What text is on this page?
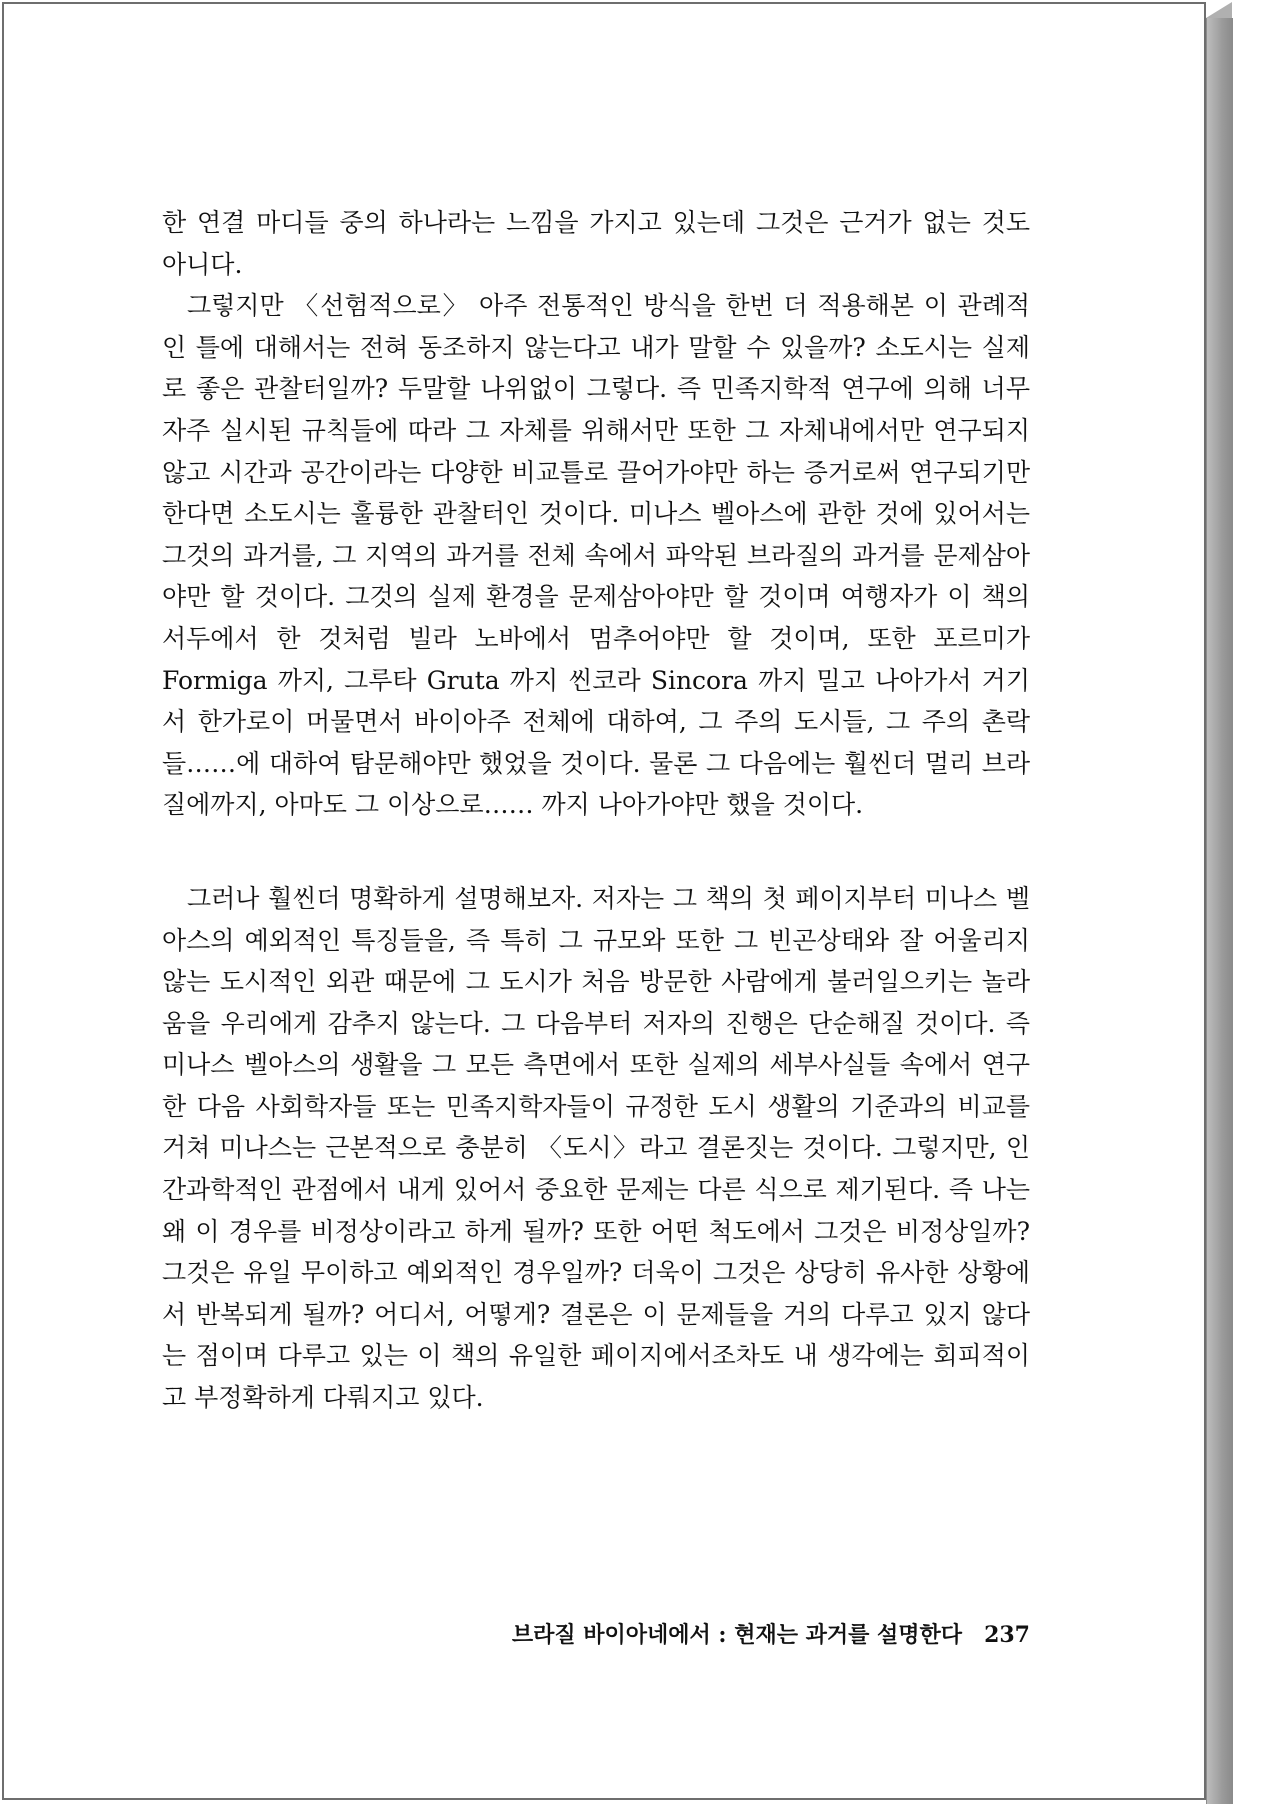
한 연결 마디들 중의 하나라는 느낌을 가지고 있는데 그것은 근거가 없는 것도 아니다.

그렇지만 〈선험적으로〉 아주 전통적인 방식을 한번 더 적용해본 이 관례적인 틀에 대해서는 전혀 동조하지 않는다고 내가 말할 수 있을까? 소도시는 실제로 좋은 관찰터일까? 두말할 나위없이 그렇다. 즉 민족지학적 연구에 의해 너무 자주 실시된 규칙들에 따라 그 자체를 위해서만 또한 그 자체내에서만 연구되지 않고 시간과 공간이라는 다양한 비교틀로 끌어가야만 하는 증거로써 연구되기만 한다면 소도시는 훌륭한 관찰터인 것이다. 미나스 벨아스에 관한 것에 있어서는 그것의 과거를, 그 지역의 과거를 전체 속에서 파악된 브라질의 과거를 문제삼아야만 할 것이다. 그것의 실제 환경을 문제삼아야만 할 것이며 여행자가 이 책의 서두에서 한 것처럼 빌라 노바에서 멈추어야만 할 것이며, 또한 포르미가 Formiga 까지, 그루타 Gruta 까지 씬코라 Sincora 까지 밀고 나아가서 거기서 한가로이 머물면서 바이아주 전체에 대하여, 그 주의 도시들, 그 주의 촌락들……에 대하여 탐문해야만 했었을 것이다. 물론 그 다음에는 훨씬더 멀리 브라질에까지, 아마도 그 이상으로…… 까지 나아가야만 했을 것이다.

그러나 훨씬더 명확하게 설명해보자. 저자는 그 책의 첫 페이지부터 미나스 벨아스의 예외적인 특징들을, 즉 특히 그 규모와 또한 그 빈곤상태와 잘 어울리지 않는 도시적인 외관 때문에 그 도시가 처음 방문한 사람에게 불러일으키는 놀라움을 우리에게 감추지 않는다. 그 다음부터 저자의 진행은 단순해질 것이다. 즉 미나스 벨아스의 생활을 그 모든 측면에서 또한 실제의 세부사실들 속에서 연구한 다음 사회학자들 또는 민족지학자들이 규정한 도시 생활의 기준과의 비교를 거쳐 미나스는 근본적으로 충분히 〈도시〉라고 결론짓는 것이다. 그렇지만, 인간과학적인 관점에서 내게 있어서 중요한 문제는 다른 식으로 제기된다. 즉 나는 왜 이 경우를 비정상이라고 하게 될까? 또한 어떤 척도에서 그것은 비정상일까? 그것은 유일 무이하고 예외적인 경우일까? 더욱이 그것은 상당히 유사한 상황에서 반복되게 될까? 어디서, 어떻게? 결론은 이 문제들을 거의 다루고 있지 않다는 점이며 다루고 있는 이 책의 유일한 페이지에서조차도 내 생각에는 회피적이고 부정확하게 다뤄지고 있다.

브라질 바이아네에서 : 현재는 과거를 설명한다 237
